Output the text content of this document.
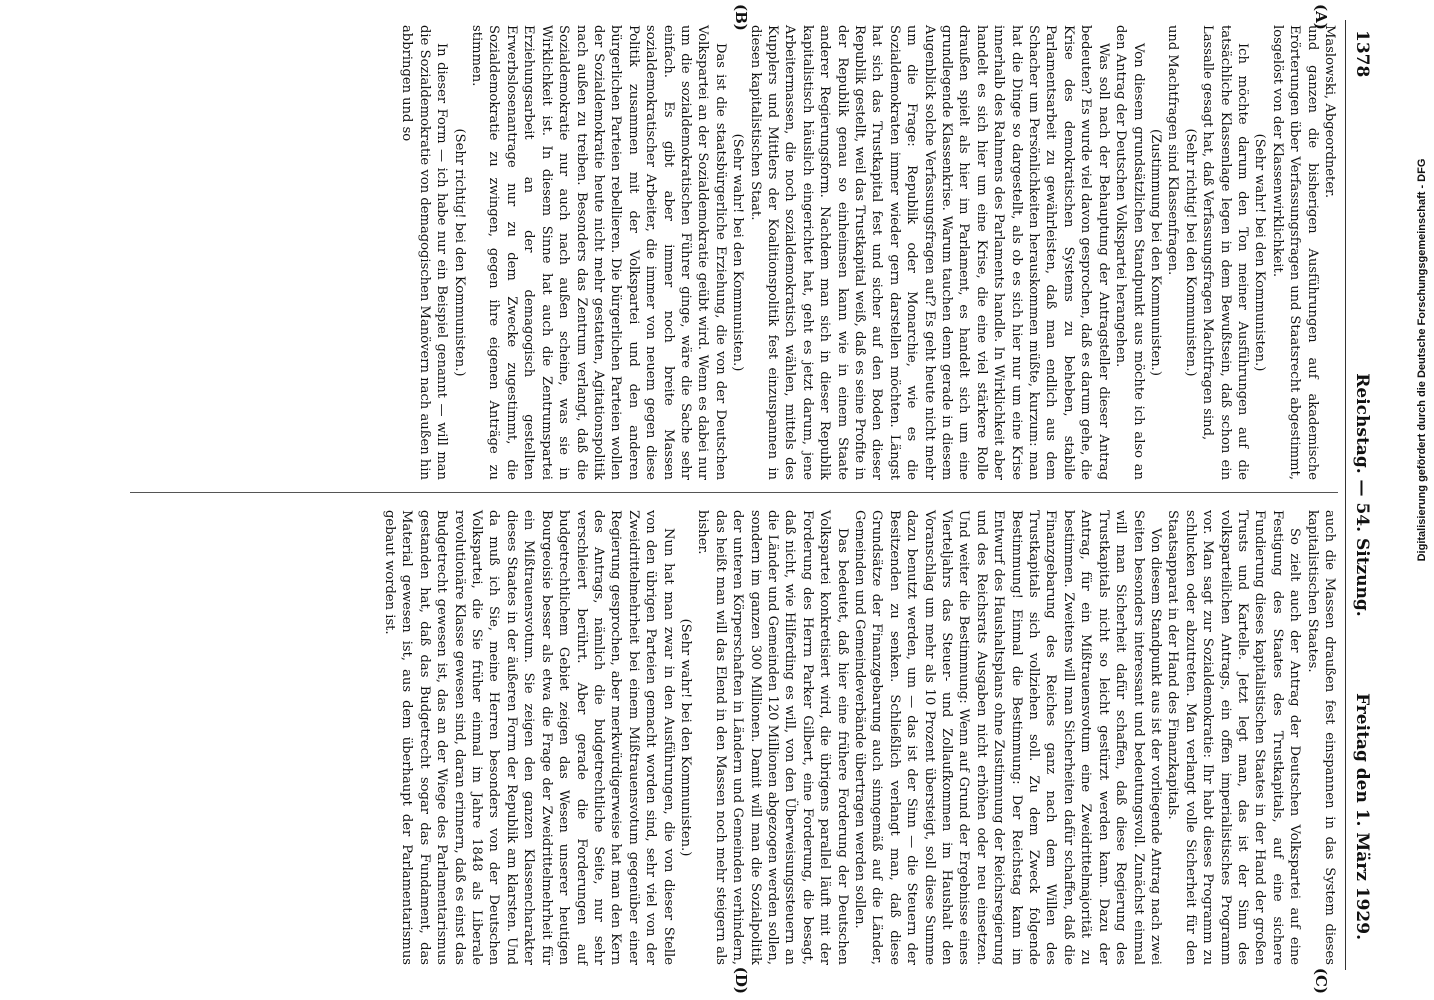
1378
Reichstag. — 54. Sitzung.
Freitag den 1. März 1929.

Maslowski, Abgeordneter.

und ganzen die bisherigen Ausführungen auf akademische Erörterungen über Verfassungsfragen und Staatsrecht abgestimmt, losgelöst von der Klassenwirklichkeit.

(Sehr wahr! bei den Kommunisten.)

Ich möchte darum den Ton meiner Ausführungen auf die tatsächliche Klassenlage legen in dem Bewußtsein, daß schon ein Lassalle gesagt hat, daß Verfassungsfragen Machtfragen sind,

(Sehr richtig! bei den Kommunisten.)

und Machtfragen sind Klassenfragen.

(Zustimmung bei den Kommunisten.)

Von diesem grundsätzlichen Standpunkt aus möchte ich also an den Antrag der Deutschen Volkspartei herangehen.

Was soll nach der Behauptung der Antragsteller dieser Antrag bedeuten? Es wurde viel davon gesprochen, daß es darum gehe, die Krise des demokratischen Systems zu beheben, stabile Parlamentsarbeit zu gewährleisten, daß man endlich aus dem Schacher um Persönlichkeiten herauskommen müßte, kurzum: man hat die Dinge so dargestellt, als ob es sich hier nur um eine Krise innerhalb des Rahmens des Parlaments handle. In Wirklichkeit aber handelt es sich hier um eine Krise, die eine viel stärkere Rolle draußen spielt als hier im Parlament, es handelt sich um eine grundlegende Klassenkrise. Warum tauchen denn gerade in diesem Augenblick solche Verfassungsfragen auf? Es geht heute nicht mehr um die Frage: Republik oder Monarchie, wie es die Sozialdemokraten immer wieder gern darstellen möchten. Längst hat sich das Trustkapital fest und sicher auf den Boden dieser Republik gestellt, weil das Trustkapital weiß, daß es seine Profite in der Republik genau so einheimsen kann wie in einem Staate anderer Regierungsform. Nachdem man sich in dieser Republik kapitalistisch häuslich eingerichtet hat, geht es jetzt darum, jene Arbeitermassen, die noch sozialdemokratisch wählen, mittels des Kupplers und Mittlers der Koalitionspolitik fest einzuspannen in diesen kapitalistischen Staat.

(Sehr wahr! bei den Kommunisten.)

Das ist die staatsbürgerliche Erziehung, die von der Deutschen Volkspartei an der Sozialdemokratie geübt wird. Wenn es dabei nur um die sozialdemokratischen Führer ginge, wäre die Sache sehr einfach. Es gibt aber immer noch breite Massen sozialdemokratischer Arbeiter, die immer von neuem gegen diese Politik zusammen mit der Volkspartei und den anderen bürgerlichen Parteien rebellieren. Die bürgerlichen Parteien wollen der Sozialdemokratie heute nicht mehr gestatten, Agitationspolitik nach außen zu treiben. Besonders das Zentrum verlangt, daß die Sozialdemokratie nur auch nach außen scheine, was sie in Wirklichkeit ist. In diesem Sinne hat auch die Zentrumspartei Erziehungsarbeit an der demagogisch gestellten Erwerbslosenantrage nur zu dem Zwecke zugestimmt, die Sozialdemokratie zu zwingen, gegen ihre eigenen Anträge zu stimmen.

(Sehr richtig! bei den Kommunisten.)

In dieser Form — ich habe nur ein Beispiel genannt — will man die Sozialdemokratie von demagogischen Manövern nach außen hin abbringen und so

auch die Massen draußen fest einspannen in das System dieses kapitalistischen Staates.

So zielt auch der Antrag der Deutschen Volkspartei auf eine Festigung des Staates des Trustkapitals, auf eine sichere Fundierung dieses kapitalistischen Staates in der Hand der großen Trusts und Kartelle. Jetzt legt man, das ist der Sinn des volksparteilichen Antrags, ein offen imperialistisches Programm vor. Man sagt zur Sozialdemokratie: Ihr habt dieses Programm zu schlucken oder abzutreten. Man verlangt volle Sicherheit für den Staatsapparat in der Hand des Finanzkapitals.

Von diesem Standpunkt aus ist der vorliegende Antrag nach zwei Seiten besonders interessant und bedeutungsvoll. Zunächst einmal will man Sicherheit dafür schaffen, daß diese Regierung des Trustkapitals nicht so leicht gestürzt werden kann. Dazu der Antrag, für ein Mißtrauensvotum eine Zweidrittelmajorität zu bestimmen. Zweitens will man Sicherheiten dafür schaffen, daß die Finanzgebarung des Reiches ganz nach dem Willen des Trustkapitals sich vollziehen soll. Zu dem Zweck folgende Bestimmung! Einmal die Bestimmung: Der Reichstag kann im Entwurf des Haushaltsplans ohne Zustimmung der Reichsregierung und des Reichsrats Ausgaben nicht erhöhen oder neu einsetzen. Und weiter die Bestimmung: Wenn auf Grund der Ergebnisse eines Vierteljahrs das Steuer- und Zollaufkommen im Haushalt den Voranschlag um mehr als 10 Prozent übersteigt, soll diese Summe dazu benutzt werden, um — das ist der Sinn — die Steuern der Besitzenden zu senken. Schließlich verlangt man, daß diese Grundsätze der Finanzgebarung auch sinngemäß auf die Länder, Gemeinden und Gemeindeverbände übertragen werden sollen.

Das bedeutet, daß hier eine frühere Forderung der Deutschen Volkspartei konkretisiert wird, die übrigens parallel läuft mit der Forderung des Herrn Parker Gilbert, eine Forderung, die besagt, daß nicht, wie Hilferding es will, von den Überweisungssteuern an die Länder und Gemeinden 120 Millionen abgezogen werden sollen, sondern im ganzen 300 Millionen. Damit will man die Sozialpolitik der unteren Körperschaften in Ländern und Gemeinden verhindern, das heißt man will das Elend in den Massen noch mehr steigern als bisher.

(Sehr wahr! bei den Kommunisten.)

Nun hat man zwar in den Ausführungen, die von dieser Stelle von den übrigen Parteien gemacht worden sind, sehr viel von der Zweidrittelmehrheit bei einem Mißtrauensvotum gegenüber einer Regierung gesprochen, aber merkwürdigerweise hat man den Kern des Antrags, nämlich die budgetrechtliche Seite, nur sehr verschleiert berührt. Aber gerade die Forderungen auf budgetrechtlichem Gebiet zeigen das Wesen unserer heutigen Bourgeoisie besser als etwa die Frage der Zweidrittelmehrheit für ein Mißtrauensvotum. Sie zeigen den ganzen Klassencharakter dieses Staates in der äußeren Form der Republik am klarsten. Und da muß ich Sie, meine Herren besonders von der Deutschen Volkspartei, die Sie früher einmal im Jahre 1848 als Liberale revolutionäre Klasse gewesen sind, daran erinnern, daß es einst das Budgetrecht gewesen ist, das an der Wiege des Parlamentarismus gestanden hat, daß das Budgetrecht sogar das Fundament, das Material gewesen ist, aus dem überhaupt der Parlamentarismus gebaut worden ist.

(A)
(B)
(C)
(D)
Digitalisierung gefördert durch die Deutsche Forschungsgemeinschaft - DFG
